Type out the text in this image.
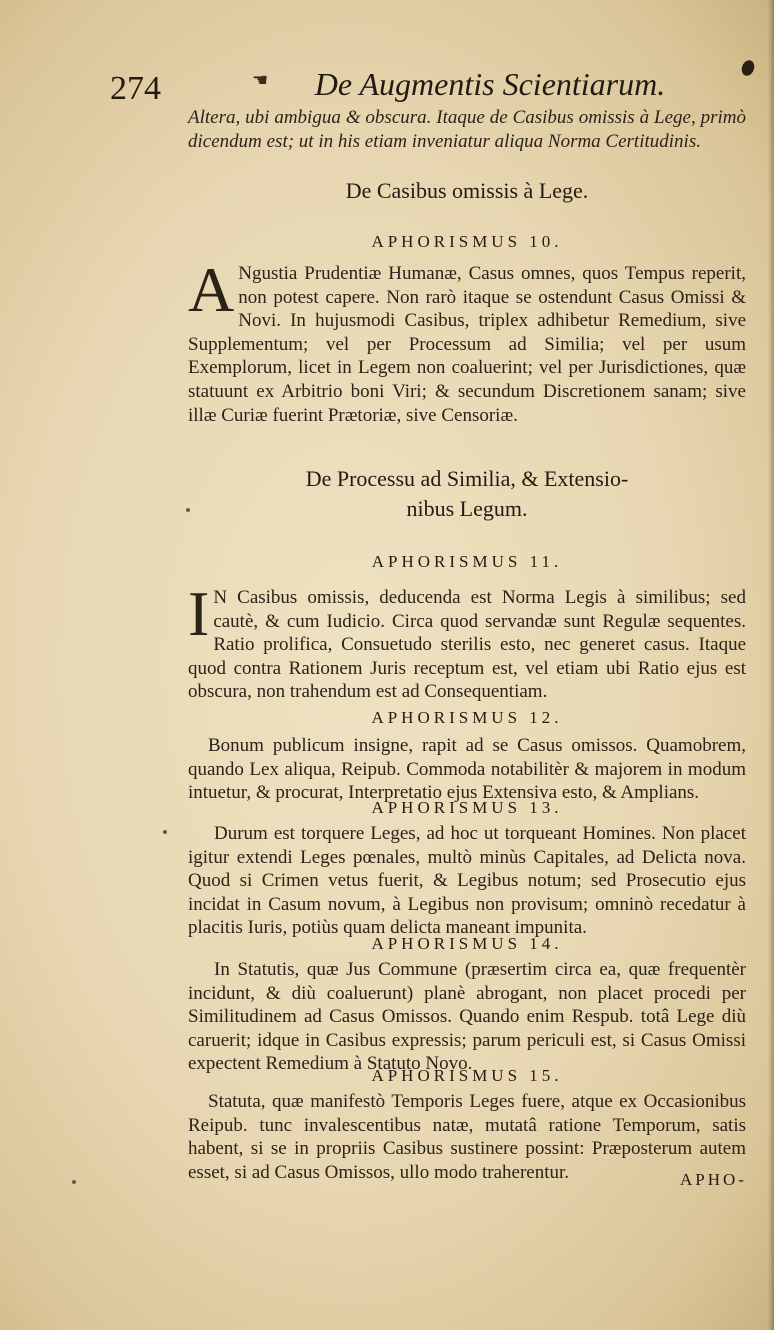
274	☚ De Augmentis Scientiarum.

Altera, ubi ambigua & obscura. Itaque de Casibus omissis à Lege, primò dicendum est; ut in his etiam inveniatur aliqua Norma Certitudinis.

De Casibus omissis à Lege.
APHORISMUS 10.
A Ngustia Prudentiæ Humanæ, Casus omnes, quos Tempus reperit, non potest capere. Non rarò itaque se ostendunt Casus Omissi & Novi. In hujusmodi Casibus, triplex adhibetur Remedium, sive Supplementum; vel per Processum ad Similia; vel per usum Exemplorum, licet in Legem non coaluerint; vel per Jurisdictiones, quæ statuunt ex Arbitrio boni Viri; & secundum Discretionem sanam; sive illæ Curiæ fuerint Prætoriæ, sive Censoriæ.

De Processu ad Similia, & Extensio-
nibus Legum.
APHORISMUS 11.
I N Casibus omissis, deducenda est Norma Legis à similibus; sed cautè, & cum Iudicio. Circa quod servandæ sunt Regulæ sequentes. Ratio prolifica, Consuetudo sterilis esto, nec generet casus. Itaque quod contra Rationem Juris receptum est, vel etiam ubi Ratio ejus est obscura, non trahendum est ad Consequentiam.

APHORISMUS 12.

Bonum publicum insigne, rapit ad se Casus omissos. Quamobrem, quando Lex aliqua, Reipub. Commoda notabilitèr & majorem in modum intuetur, & procurat, Interpretatio ejus Extensiva esto, & Amplians.

APHORISMUS 13.

Durum est torquere Leges, ad hoc ut torqueant Homines. Non placet igitur extendi Leges pœnales, multò minùs Capitales, ad Delicta nova. Quod si Crimen vetus fuerit, & Legibus notum; sed Prosecutio ejus incidat in Casum novum, à Legibus non provisum; omninò recedatur à placitis Iuris, potiùs quam delicta maneant impunita.

APHORISMUS 14.

In Statutis, quæ Jus Commune (præsertim circa ea, quæ frequentèr incidunt, & diù coaluerunt) planè abrogant, non placet procedi per Similitudinem ad Casus Omissos. Quando enim Respub. totâ Lege diù caruerit; idque in Casibus expressis; parum periculi est, si Casus Omissi expectent Remedium à Statuto Novo.

APHORISMUS 15.

Statuta, quæ manifestò Temporis Leges fuere, atque ex Occasionibus Reipub. tunc invalescentibus natæ, mutatâ ratione Temporum, satis habent, si se in propriis Casibus sustinere possint: Præposterum autem esset, si ad Casus Omissos, ullo modo traherentur.	APHO-
